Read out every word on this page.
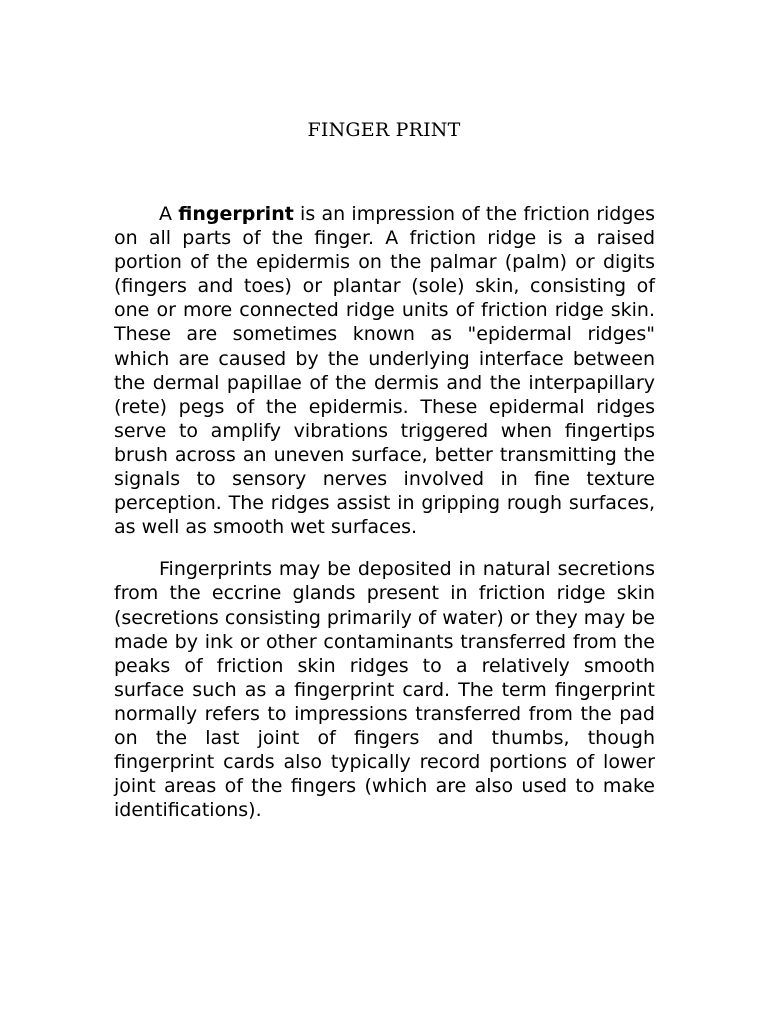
FINGER PRINT

A fingerprint is an impression of the friction ridges on all parts of the finger. A friction ridge is a raised portion of the epidermis on the palmar (palm) or digits (fingers and toes) or plantar (sole) skin, consisting of one or more connected ridge units of friction ridge skin. These are sometimes known as "epidermal ridges" which are caused by the underlying interface between the dermal papillae of the dermis and the interpapillary (rete) pegs of the epidermis. These epidermal ridges serve to amplify vibrations triggered when fingertips brush across an uneven surface, better transmitting the signals to sensory nerves involved in fine texture perception. The ridges assist in gripping rough surfaces, as well as smooth wet surfaces.

Fingerprints may be deposited in natural secretions from the eccrine glands present in friction ridge skin (secretions consisting primarily of water) or they may be made by ink or other contaminants transferred from the peaks of friction skin ridges to a relatively smooth surface such as a fingerprint card. The term fingerprint normally refers to impressions transferred from the pad on the last joint of fingers and thumbs, though fingerprint cards also typically record portions of lower joint areas of the fingers (which are also used to make identifications).
